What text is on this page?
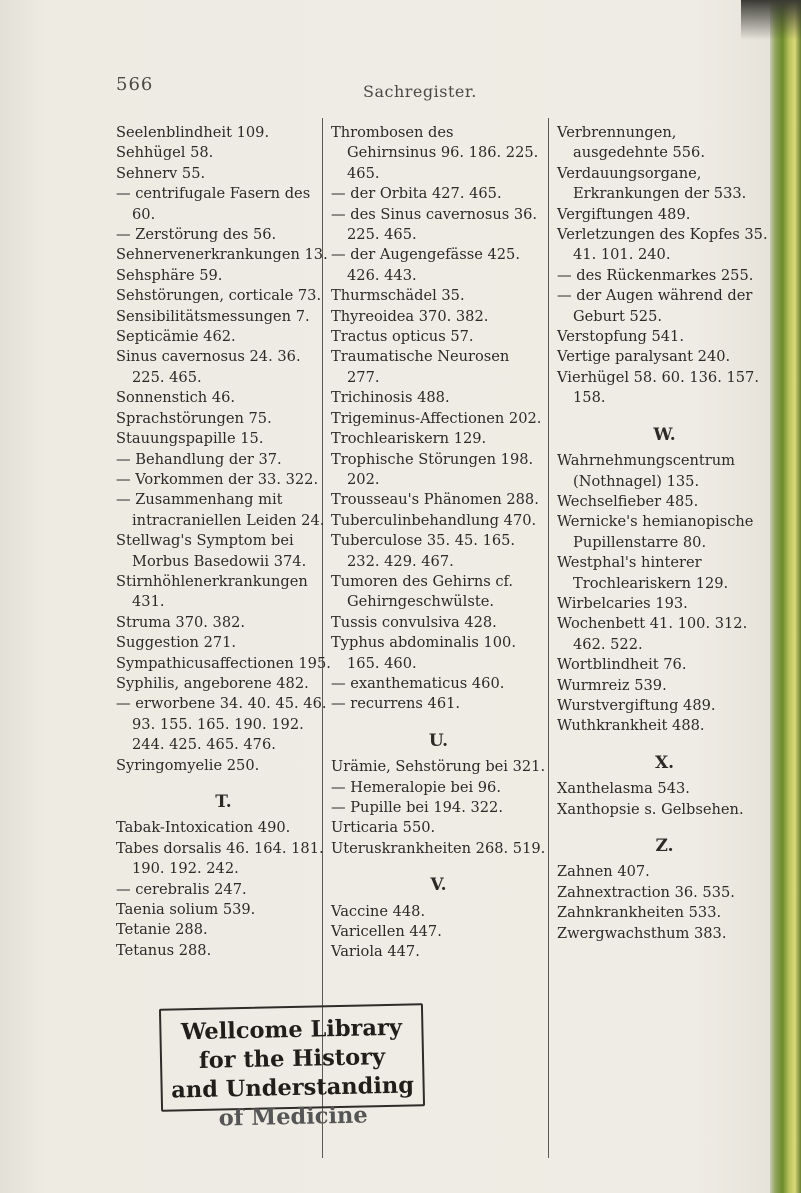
566	Sachregister.
Seelenblindheit 109.
Sehhügel 58.
Sehnerv 55.
— centrifugale Fasern des 60.
— Zerstörung des 56.
Sehnervenerkrankungen 13.
Sehsphäre 59.
Sehstörungen, corticale 73.
Sensibilitätsmessungen 7.
Septicämie 462.
Sinus cavernosus 24. 36. 225. 465.
Sonnenstich 46.
Sprachstörungen 75.
Stauungspapille 15.
— Behandlung der 37.
— Vorkommen der 33. 322.
— Zusammenhang mit intracraniellen Leiden 24.
Stellwag's Symptom bei Morbus Basedowii 374.
Stirnhöhlenerkrankungen 431.
Struma 370. 382.
Suggestion 271.
Sympathicusaffectionen 195.
Syphilis, angeborene 482.
— erworbene 34. 40. 45. 46. 93. 155. 165. 190. 192. 244. 425. 465. 476.
Syringomyelie 250.
T.
Tabak-Intoxication 490.
Tabes dorsalis 46. 164. 181. 190. 192. 242.
— cerebralis 247.
Taenia solium 539.
Tetanie 288.
Tetanus 288.
Thrombosen des Gehirnsinus 96. 186. 225. 465.
— der Orbita 427. 465.
— des Sinus cavernosus 36. 225. 465.
— der Augengefässe 425. 426. 443.
Thurmschädel 35.
Thyreoidea 370. 382.
Tractus opticus 57.
Traumatische Neurosen 277.
Trichinosis 488.
Trigeminus-Affectionen 202.
Trochleariskern 129.
Trophische Störungen 198. 202.
Trousseau's Phänomen 288.
Tuberculinbehandlung 470.
Tuberculose 35. 45. 165. 232. 429. 467.
Tumoren des Gehirns cf. Gehirngeschwülste.
Tussis convulsiva 428.
Typhus abdominalis 100. 165. 460.
— exanthematicus 460.
— recurrens 461.
U.
Urämie, Sehstörung bei 321.
— Hemeralopie bei 96.
— Pupille bei 194. 322.
Urticaria 550.
Uteruskrankheiten 268. 519.
V.
Vaccine 448.
Varicellen 447.
Variola 447.
Verbrennungen, ausgedehnte 556.
Verdauungsorgane, Erkrankungen der 533.
Vergiftungen 489.
Verletzungen des Kopfes 35. 41. 101. 240.
— des Rückenmarkes 255.
— der Augen während der Geburt 525.
Verstopfung 541.
Vertige paralysant 240.
Vierhügel 58. 60. 136. 157. 158.
W.
Wahrnehmungscentrum (Nothnagel) 135.
Wechselfieber 485.
Wernicke's hemianopische Pupillenstarre 80.
Westphal's hinterer Trochleariskern 129.
Wirbelcaries 193.
Wochenbett 41. 100. 312. 462. 522.
Wortblindheit 76.
Wurmreiz 539.
Wurstvergiftung 489.
Wuthkrankheit 488.
X.
Xanthelasma 543.
Xanthopsie s. Gelbsehen.
Z.
Zahnen 407.
Zahnextraction 36. 535.
Zahnkrankheiten 533.
Zwergwachsthum 383.
Wellcome Library
for the History
and Understanding
of Medicine
